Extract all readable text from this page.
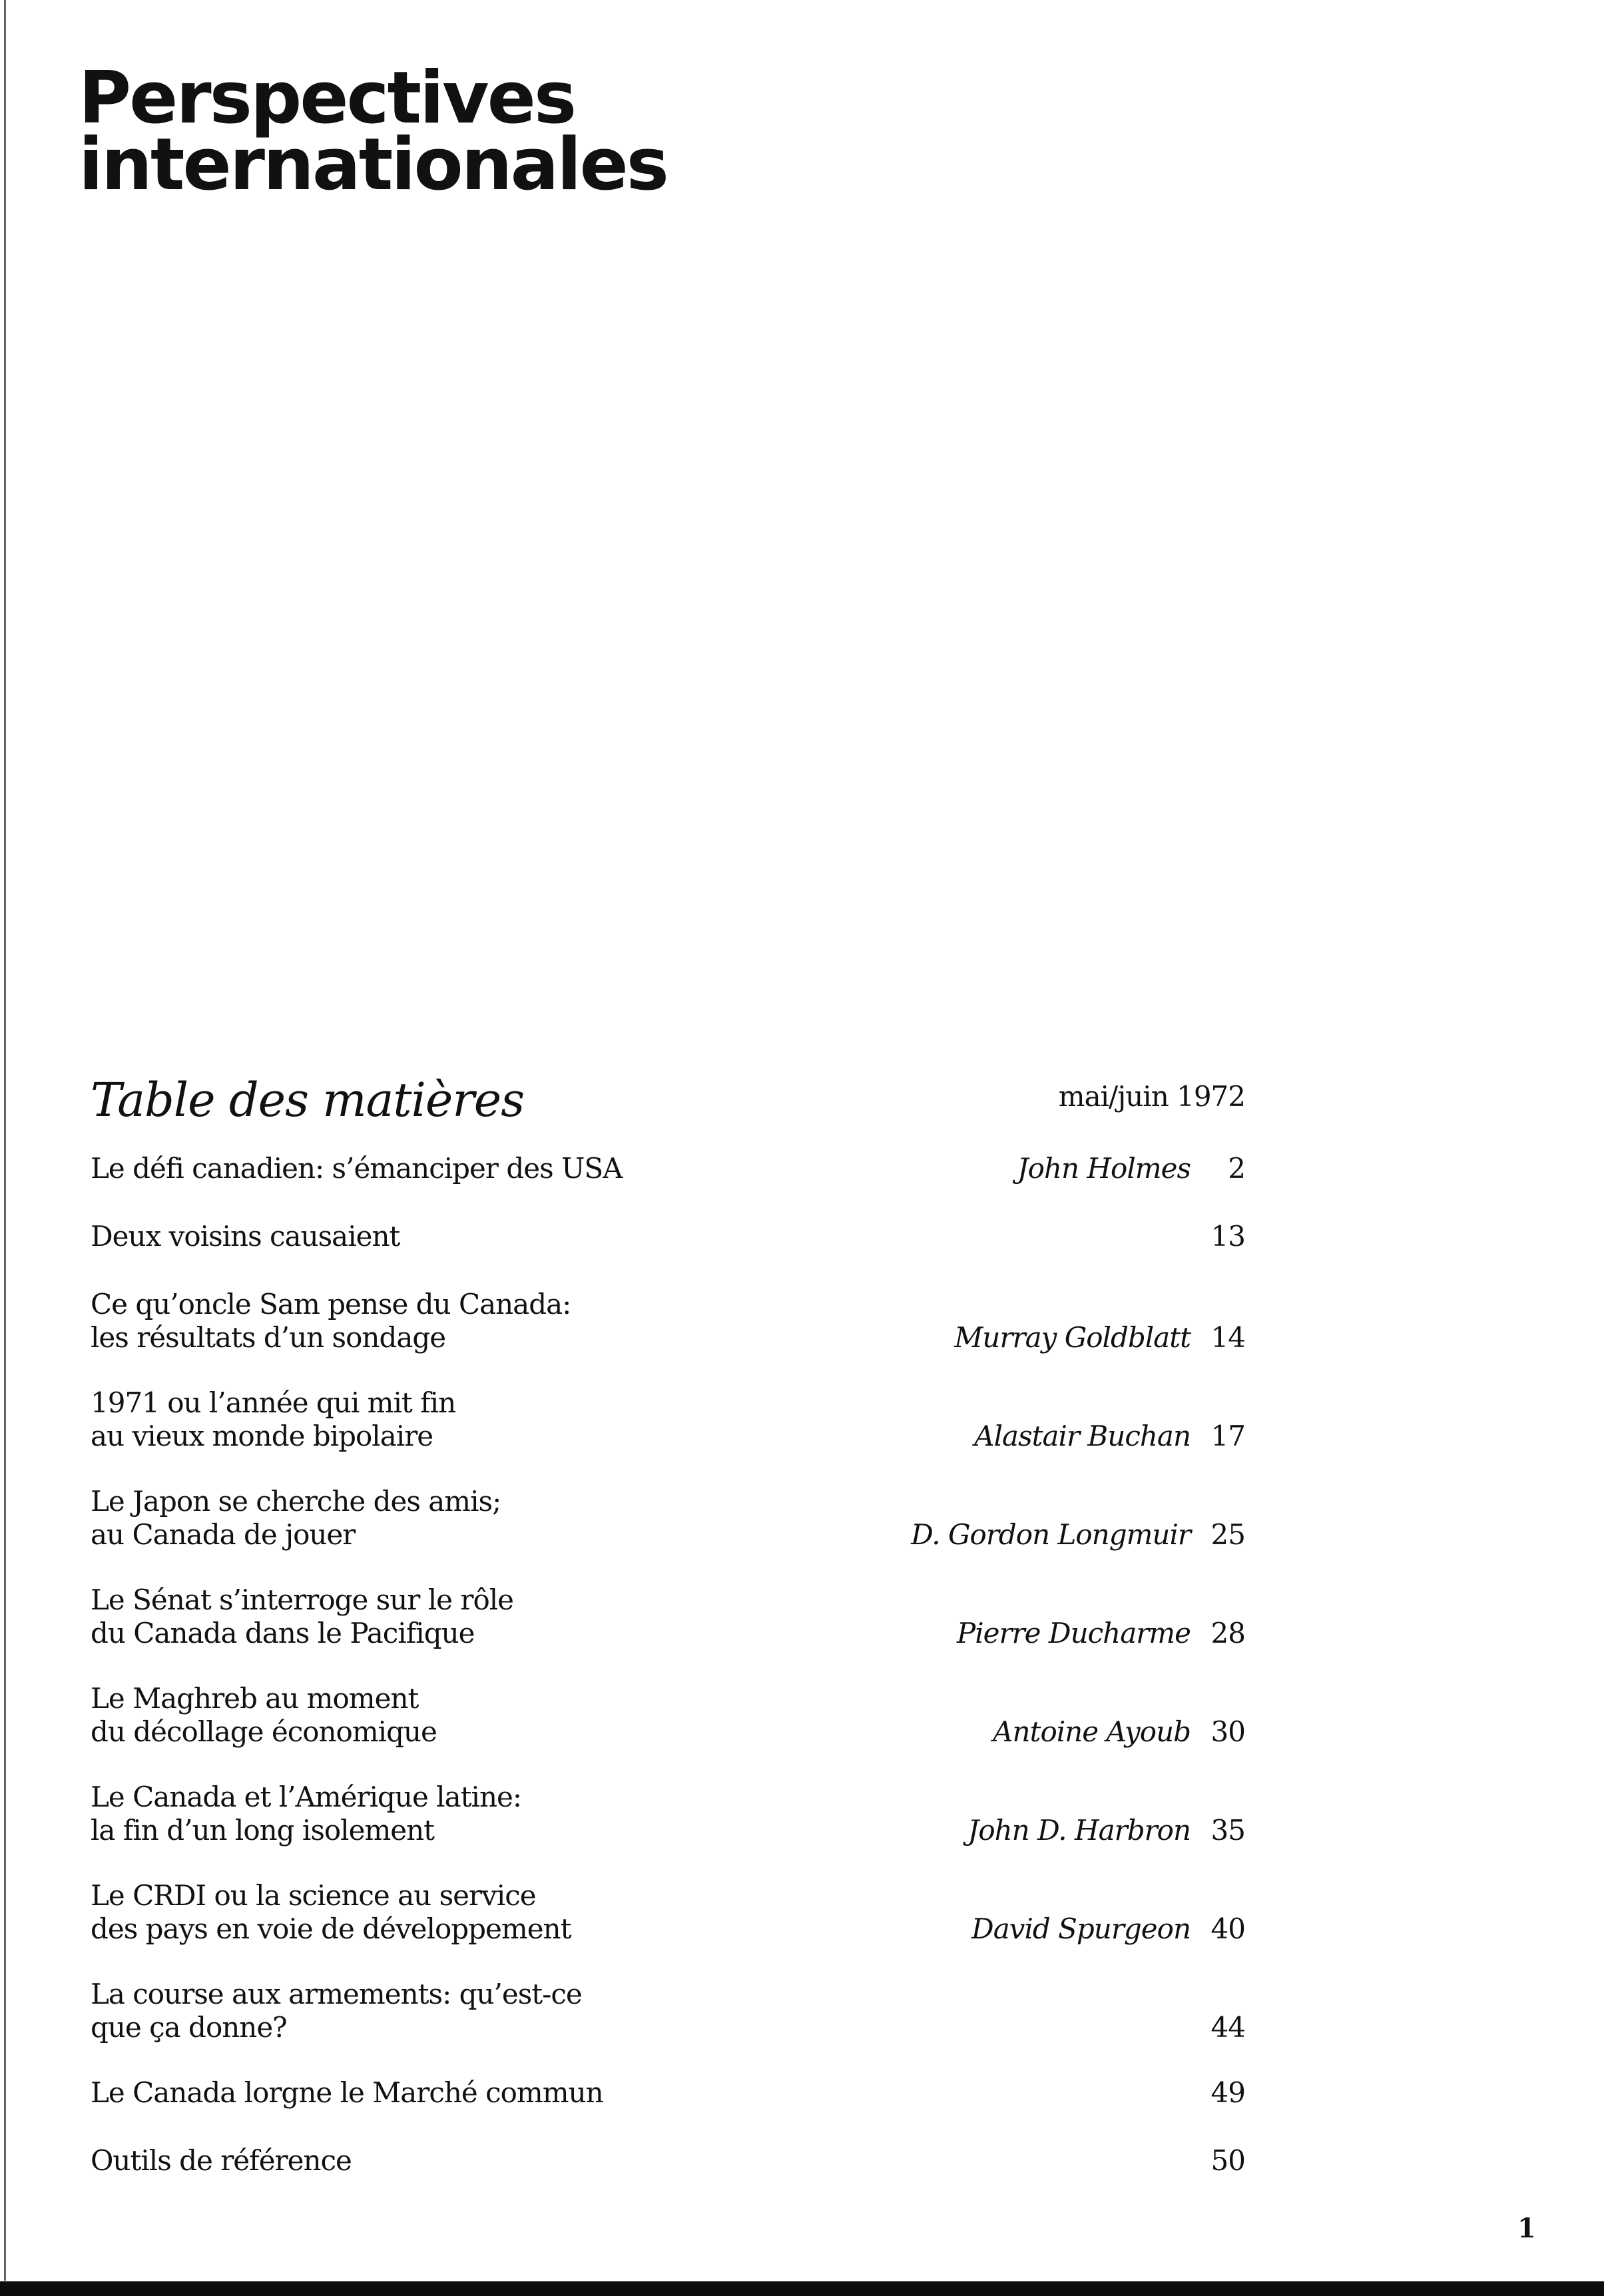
Perspectives
internationales
Table des matières	mai/juin 1972
Le défi canadien: s’émanciper des USA	John Holmes	2
Deux voisins causaient	13
Ce qu’oncle Sam pense du Canada:
les résultats d’un sondage	Murray Goldblatt 14
1971 ou l’année qui mit fin
au vieux monde bipolaire	Alastair Buchan 17
Le Japon se cherche des amis;
au Canada de jouer	D. Gordon Longmuir 25
Le Sénat s’interroge sur le rôle
du Canada dans le Pacifique	Pierre Ducharme 28
Le Maghreb au moment
du décollage économique	Antoine Ayoub 30
Le Canada et l’Amérique latine:
la fin d’un long isolement	John D. Harbron 35
Le CRDI ou la science au service
des pays en voie de développement	David Spurgeon 40
La course aux armements: qu’est-ce
que ça donne?	44
Le Canada lorgne le Marché commun	49
Outils de référence	50
1
